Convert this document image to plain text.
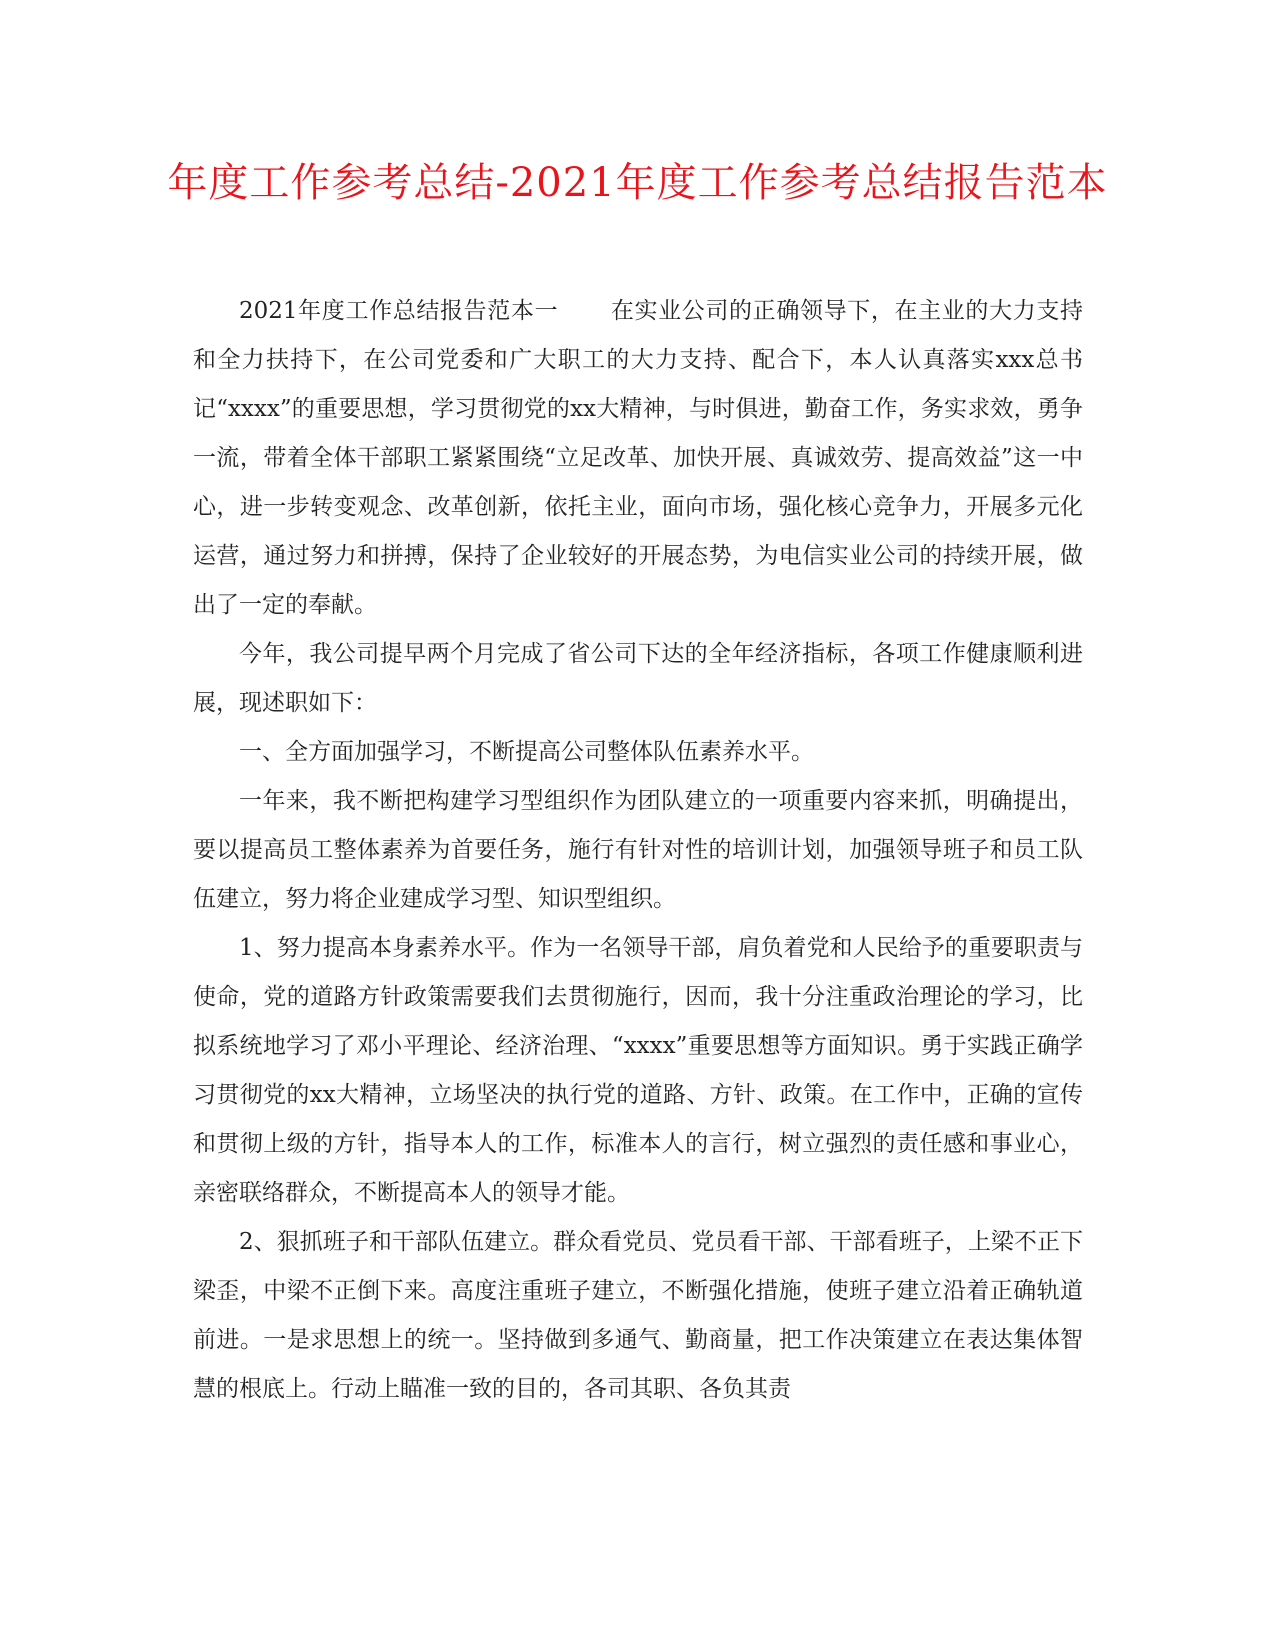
年度工作参考总结-2021年度工作参考总结报告范本

2021年度工作总结报告范本一 在实业公司的正确领导下，在主业的大力支持和全力扶持下，在公司党委和广大职工的大力支持、配合下，本人认真落实xxx总书记“xxxx”的重要思想，学习贯彻党的xx大精神，与时俱进，勤奋工作，务实求效，勇争一流，带着全体干部职工紧紧围绕“立足改革、加快开展、真诚效劳、提高效益”这一中心，进一步转变观念、改革创新，依托主业，面向市场，强化核心竞争力，开展多元化运营，通过努力和拼搏，保持了企业较好的开展态势，为电信实业公司的持续开展，做出了一定的奉献。

今年，我公司提早两个月完成了省公司下达的全年经济指标，各项工作健康顺利进展，现述职如下：

一、全方面加强学习，不断提高公司整体队伍素养水平。

一年来，我不断把构建学习型组织作为团队建立的一项重要内容来抓，明确提出，要以提高员工整体素养为首要任务，施行有针对性的培训计划，加强领导班子和员工队伍建立，努力将企业建成学习型、知识型组织。

1、努力提高本身素养水平。作为一名领导干部，肩负着党和人民给予的重要职责与使命，党的道路方针政策需要我们去贯彻施行，因而，我十分注重政治理论的学习，比拟系统地学习了邓小平理论、经济治理、“xxxx”重要思想等方面知识。勇于实践正确学习贯彻党的xx大精神，立场坚决的执行党的道路、方针、政策。在工作中，正确的宣传和贯彻上级的方针，指导本人的工作，标准本人的言行，树立强烈的责任感和事业心，亲密联络群众，不断提高本人的领导才能。

2、狠抓班子和干部队伍建立。群众看党员、党员看干部、干部看班子，上梁不正下梁歪，中梁不正倒下来。高度注重班子建立，不断强化措施，使班子建立沿着正确轨道前进。一是求思想上的统一。坚持做到多通气、勤商量，把工作决策建立在表达集体智慧的根底上。行动上瞄准一致的目的，各司其职、各负其责
